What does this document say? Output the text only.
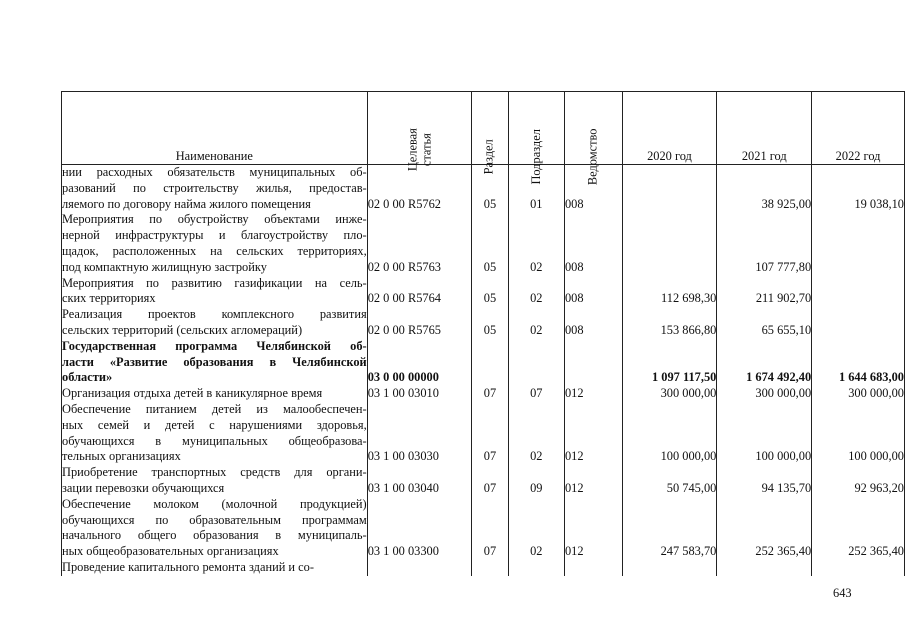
Наименование	Целевая статья	Раздел	Подраздел	Ведомство	2020 год	2021 год	2022 год

нии расходных обязательств муниципальных об-
разований по строительству жилья, предостав-
ляемого по договору найма жилого помещения	02 0 00 R5762	05	01	008		38 925,00	19 038,10

Мероприятия по обустройству объектами инже-
нерной инфраструктуры и благоустройству пло-
щадок, расположенных на сельских территориях,
под компактную жилищную застройку	02 0 00 R5763	05	02	008		107 777,80	

Мероприятия по развитию газификации на сель-
ских территориях	02 0 00 R5764	05	02	008	112 698,30	211 902,70	

Реализация проектов комплексного развития
сельских территорий (сельских агломераций)	02 0 00 R5765	05	02	008	153 866,80	65 655,10	

Государственная программа Челябинской об-
ласти «Развитие образования в Челябинской
области»	03 0 00 00000				1 097 117,50	1 674 492,40	1 644 683,00

Организация отдыха детей в каникулярное время	03 1 00 03010	07	07	012	300 000,00	300 000,00	300 000,00

Обеспечение питанием детей из малообеспечен-
ных семей и детей с нарушениями здоровья,
обучающихся в муниципальных общеобразова-
тельных организациях	03 1 00 03030	07	02	012	100 000,00	100 000,00	100 000,00

Приобретение транспортных средств для органи-
зации перевозки обучающихся	03 1 00 03040	07	09	012	50 745,00	94 135,70	92 963,20

Обеспечение молоком (молочной продукцией)
обучающихся по образовательным программам
начального общего образования в муниципаль-
ных общеобразовательных организациях	03 1 00 03300	07	02	012	247 583,70	252 365,40	252 365,40

Проведение капитального ремонта зданий и со-							

643
